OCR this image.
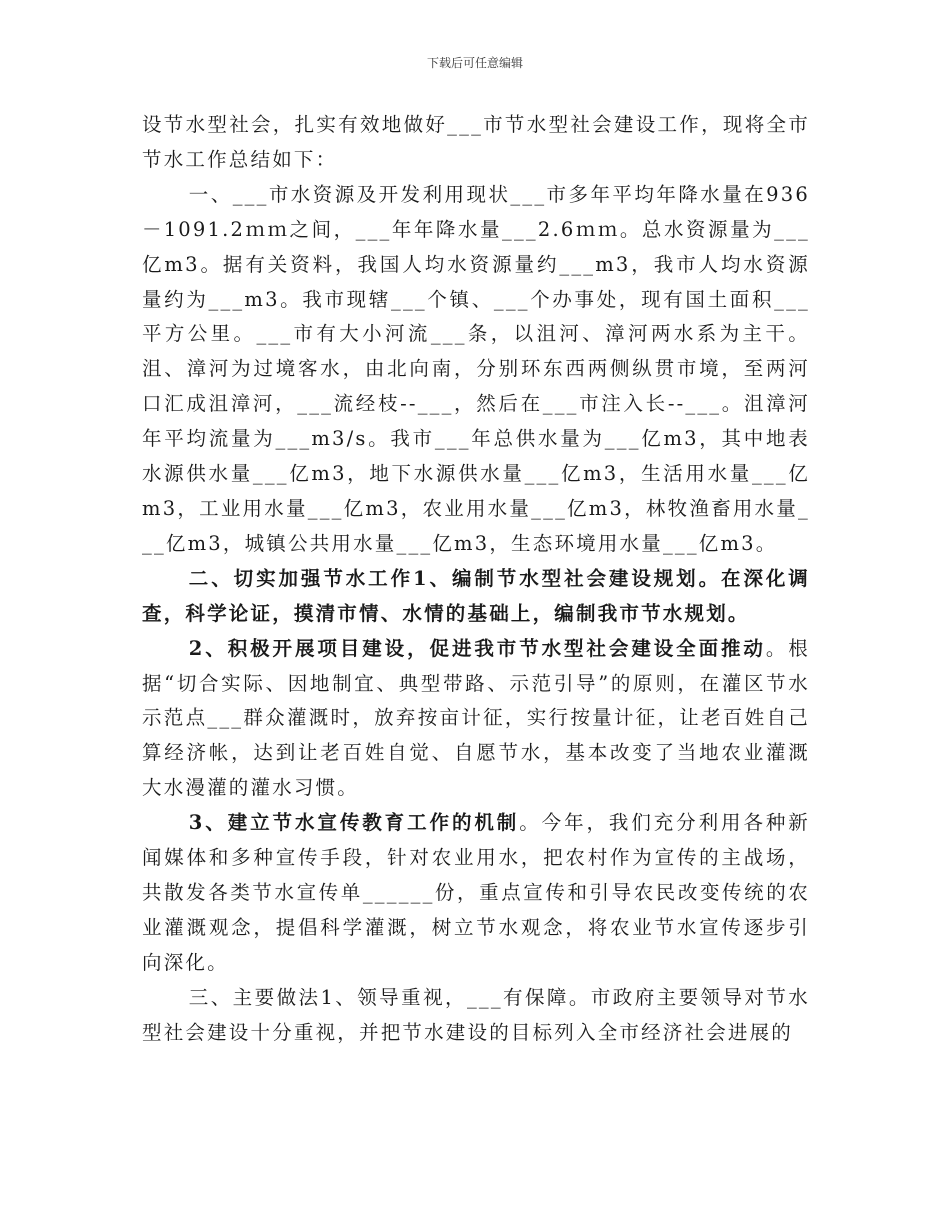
下载后可任意编辑

设节水型社会，扎实有效地做好___市节水型社会建设工作，现将全市节水工作总结如下：

一、___市水资源及开发利用现状___市多年平均年降水量在936－1091.2ｍｍ之间，___年年降水量___2.6ｍｍ。总水资源量为___亿m3。据有关资料，我国人均水资源量约___m3，我市人均水资源量约为___m3。我市现辖___个镇、___个办事处，现有国土面积___平方公里。___市有大小河流___条，以沮河、漳河两水系为主干。沮、漳河为过境客水，由北向南，分别环东西两侧纵贯市境，至两河口汇成沮漳河，___流经枝--___，然后在___市注入长--___。沮漳河年平均流量为___m3/s。我市___年总供水量为___亿m3，其中地表水源供水量___亿m3，地下水源供水量___亿m3，生活用水量___亿m3，工业用水量___亿m3，农业用水量___亿m3，林牧渔畜用水量___亿m3，城镇公共用水量___亿m3，生态环境用水量___亿m3。

二、切实加强节水工作1、编制节水型社会建设规划。在深化调查，科学论证，摸清市情、水情的基础上，编制我市节水规划。

2、积极开展项目建设，促进我市节水型社会建设全面推动。根据“切合实际、因地制宜、典型带路、示范引导”的原则，在灌区节水示范点___群众灌溉时，放弃按亩计征，实行按量计征，让老百姓自己算经济帐，达到让老百姓自觉、自愿节水，基本改变了当地农业灌溉大水漫灌的灌水习惯。

3、建立节水宣传教育工作的机制。今年，我们充分利用各种新闻媒体和多种宣传手段，针对农业用水，把农村作为宣传的主战场，共散发各类节水宣传单______份，重点宣传和引导农民改变传统的农业灌溉观念，提倡科学灌溉，树立节水观念，将农业节水宣传逐步引向深化。

三、主要做法1、领导重视，___有保障。市政府主要领导对节水型社会建设十分重视，并把节水建设的目标列入全市经济社会进展的
